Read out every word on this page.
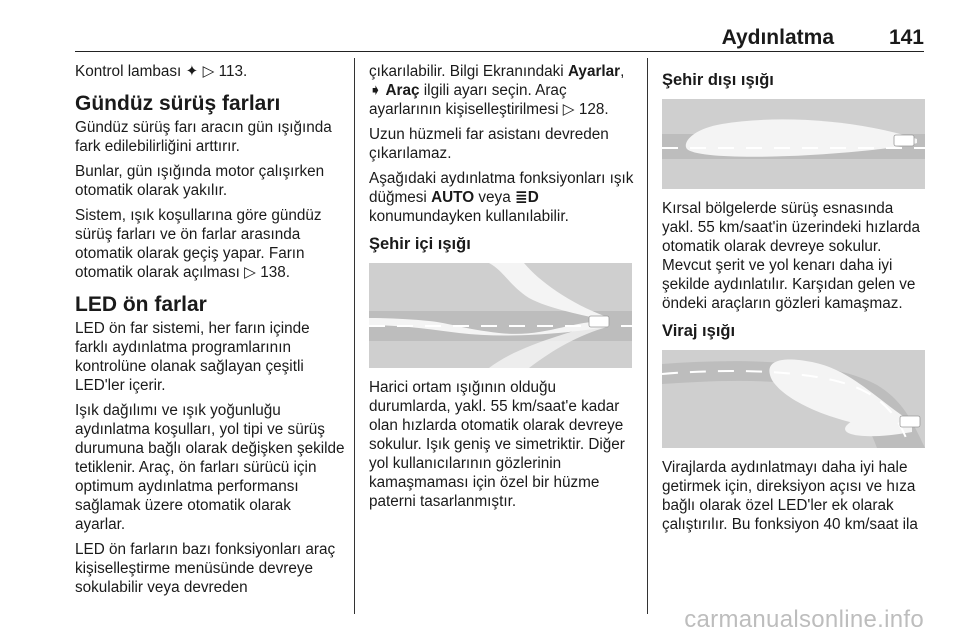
Aydınlatma	141

Kontrol lambası ✦ ▷ 113.

Gündüz sürüş farları

Gündüz sürüş farı aracın gün ışığında fark edilebilirliğini arttırır.

Bunlar, gün ışığında motor çalışırken otomatik olarak yakılır.

Sistem, ışık koşullarına göre gündüz sürüş farları ve ön farlar arasında otomatik olarak geçiş yapar. Farın otomatik olarak açılması ▷ 138.

LED ön farlar

LED ön far sistemi, her farın içinde farklı aydınlatma programlarının kontrolüne olanak sağlayan çeşitli LED'ler içerir.

Işık dağılımı ve ışık yoğunluğu aydınlatma koşulları, yol tipi ve sürüş durumuna bağlı olarak değişken şekilde tetiklenir. Araç, ön farları sürücü için optimum aydınlatma performansı sağlamak üzere otomatik olarak ayarlar.

LED ön farların bazı fonksiyonları araç kişiselleştirme menüsünde devreye sokulabilir veya devreden

çıkarılabilir. Bilgi Ekranındaki Ayarlar, ➧ Araç ilgili ayarı seçin. Araç ayarlarının kişiselleştirilmesi ▷ 128.

Uzun hüzmeli far asistanı devreden çıkarılamaz.

Aşağıdaki aydınlatma fonksiyonları ışık düğmesi AUTO veya ≣D konumundayken kullanılabilir.

Şehir içi ışığı

Harici ortam ışığının olduğu durumlarda, yakl. 55 km/saat'e kadar olan hızlarda otomatik olarak devreye sokulur. Işık geniş ve simetriktir. Diğer yol kullanıcılarının gözlerinin kamaşmaması için özel bir hüzme paterni tasarlanmıştır.

Şehir dışı ışığı

Kırsal bölgelerde sürüş esnasında yakl. 55 km/saat'in üzerindeki hızlarda otomatik olarak devreye sokulur. Mevcut şerit ve yol kenarı daha iyi şekilde aydınlatılır. Karşıdan gelen ve öndeki araçların gözleri kamaşmaz.

Viraj ışığı

Virajlarda aydınlatmayı daha iyi hale getirmek için, direksiyon açısı ve hıza bağlı olarak özel LED'ler ek olarak çalıştırılır. Bu fonksiyon 40 km/saat ila

carmanualsonline.info
